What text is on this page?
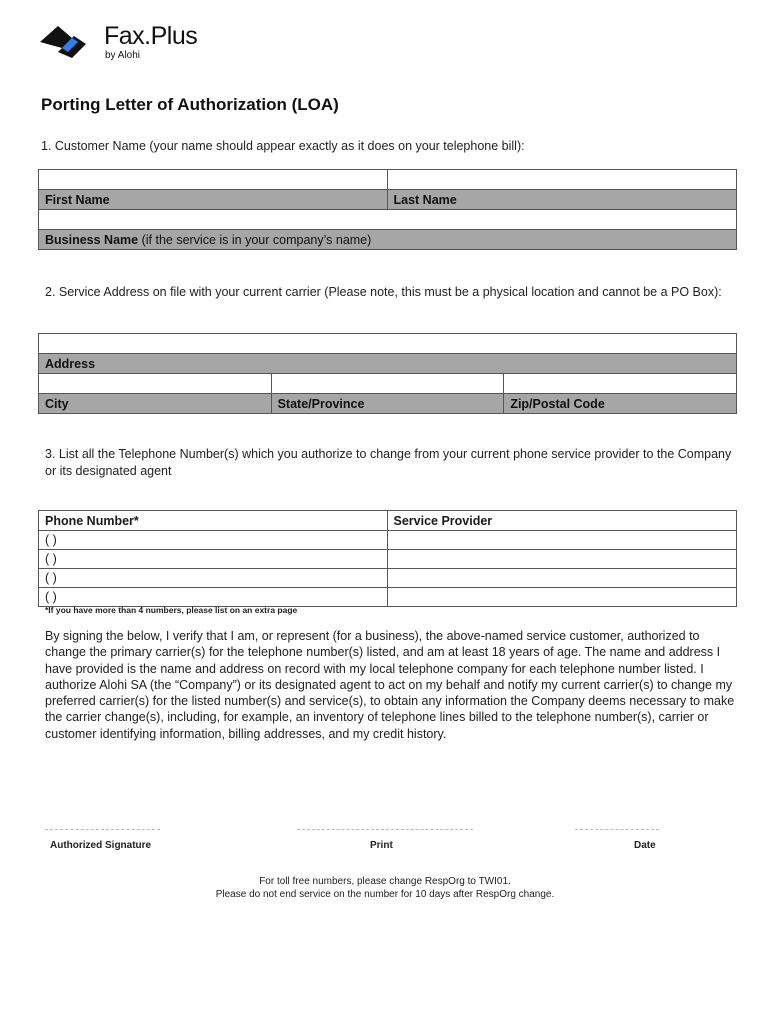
Fax.Plus
by Alohi
Porting Letter of Authorization (LOA)
1. Customer Name (your name should appear exactly as it does on your telephone bill):

First Name	Last Name

Business Name (if the service is in your company’s name)	
2. Service Address on file with your current carrier (Please note, this must be a physical location and cannot be a PO Box):

Address		

City	State/Province	Zip/Postal Code
3. List all the Telephone Number(s) which you authorize to change from your current phone service provider to the Company or its designated agent
Phone Number*	Service Provider
( )	
( )	
( )	
( )	
*If you have more than 4 numbers, please list on an extra page
By signing the below, I verify that I am, or represent (for a business), the above-named service customer, authorized to change the primary carrier(s) for the telephone number(s) listed, and am at least 18 years of age. The name and address I have provided is the name and address on record with my local telephone company for each telephone number listed. I authorize Alohi SA (the “Company”) or its designated agent to act on my behalf and notify my current carrier(s) to change my preferred carrier(s) for the listed number(s) and service(s), to obtain any information the Company deems necessary to make the carrier change(s), including, for example, an inventory of telephone lines billed to the telephone number(s), carrier or customer identifying information, billing addresses, and my credit history.
Authorized Signature	Print	Date
For toll free numbers, please change RespOrg to TWI01.
Please do not end service on the number for 10 days after RespOrg change.
